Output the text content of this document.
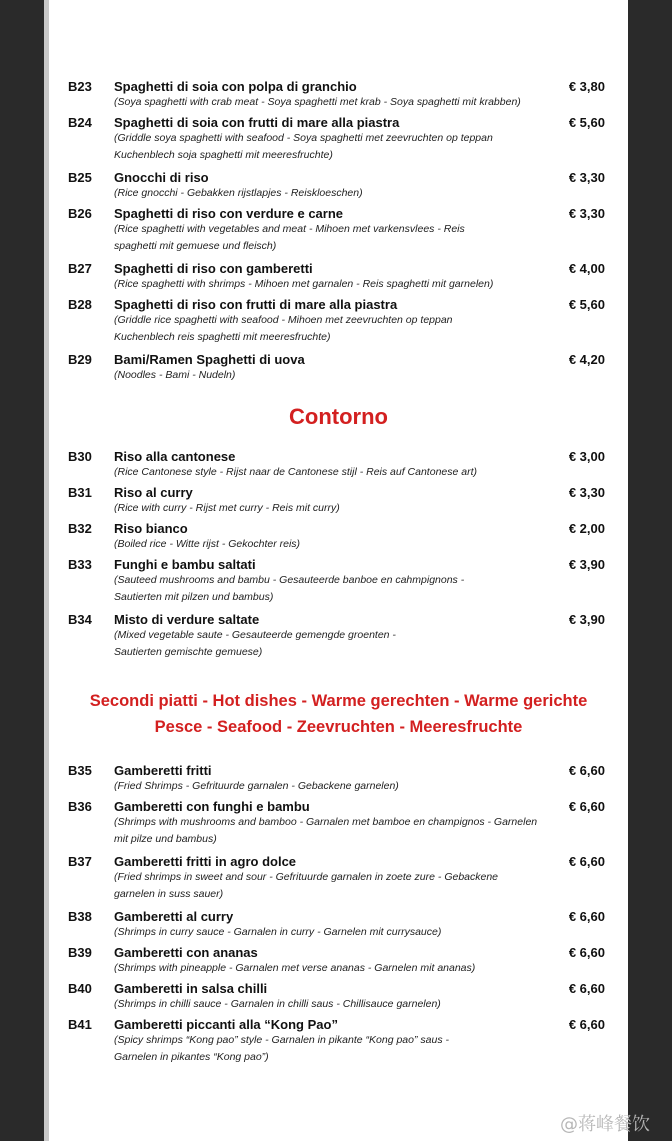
B23	€ 3,80
Spaghetti di soia con polpa di granchio
(Soya spaghetti with crab meat - Soya spaghetti met krab - Soya spaghetti mit krabben)
B24	€ 5,60
Spaghetti di soia con frutti di mare alla piastra
(Griddle soya spaghetti with seafood - Soya spaghetti met zeevruchten op teppan Kuchenblech soja spaghetti mit meeresfruchte)
B25	€ 3,30
Gnocchi di riso
(Rice gnocchi - Gebakken rijstlapjes - Reiskloeschen)
B26	€ 3,30
Spaghetti di riso con verdure e carne
(Rice spaghetti with vegetables and meat - Mihoen met varkensvlees - Reis spaghetti mit gemuese und fleisch)
B27	€ 4,00
Spaghetti di riso con gamberetti
(Rice spaghetti with shrimps - Mihoen met garnalen - Reis spaghetti mit garnelen)
B28	€ 5,60
Spaghetti di riso con frutti di mare alla piastra
(Griddle rice spaghetti with seafood - Mihoen met zeevruchten op teppan Kuchenblech reis spaghetti mit meeresfruchte)
B29	€ 4,20
Bami/Ramen Spaghetti di uova
(Noodles - Bami - Nudeln)
Contorno
B30	€ 3,00
Riso alla cantonese
(Rice Cantonese style - Rijst naar de Cantonese stijl - Reis auf Cantonese art)
B31	€ 3,30
Riso al curry
(Rice with curry - Rijst met curry - Reis mit curry)
B32	€ 2,00
Riso bianco
(Boiled rice - Witte rijst - Gekochter reis)
B33	€ 3,90
Funghi e bambu saltati
(Sauteed mushrooms and bambu - Gesauteerde banboe en cahmpignons - Sautierten mit pilzen und bambus)
B34	€ 3,90
Misto di verdure saltate
(Mixed vegetable saute - Gesauteerde gemengde groenten - Sautierten gemischte gemuese)
Secondi piatti - Hot dishes - Warme gerechten - Warme gerichte
Pesce - Seafood - Zeevruchten - Meeresfruchte
B35	€ 6,60
Gamberetti fritti
(Fried Shrimps - Gefrituurde garnalen - Gebackene garnelen)
B36	€ 6,60
Gamberetti con funghi e bambu
(Shrimps with mushrooms and bamboo - Garnalen met bamboe en champignos - Garnelen mit pilze und bambus)
B37	€ 6,60
Gamberetti fritti in agro dolce
(Fried shrimps in sweet and sour - Gefrituurde garnalen in zoete zure - Gebackene garnelen in suss sauer)
B38	€ 6,60
Gamberetti al curry
(Shrimps in curry sauce - Garnalen in curry - Garnelen mit currysauce)
B39	€ 6,60
Gamberetti con ananas
(Shrimps with pineapple - Garnalen met verse ananas - Garnelen mit ananas)
B40	€ 6,60
Gamberetti in salsa chilli
(Shrimps in chilli sauce - Garnalen in chilli saus - Chillisauce garnelen)
B41	€ 6,60
Gamberetti piccanti alla “Kong Pao”
(Spicy shrimps “Kong pao” style - Garnalen in pikante “Kong pao” saus - Garnelen in pikantes “Kong pao”)
@蒋峰餐饮
